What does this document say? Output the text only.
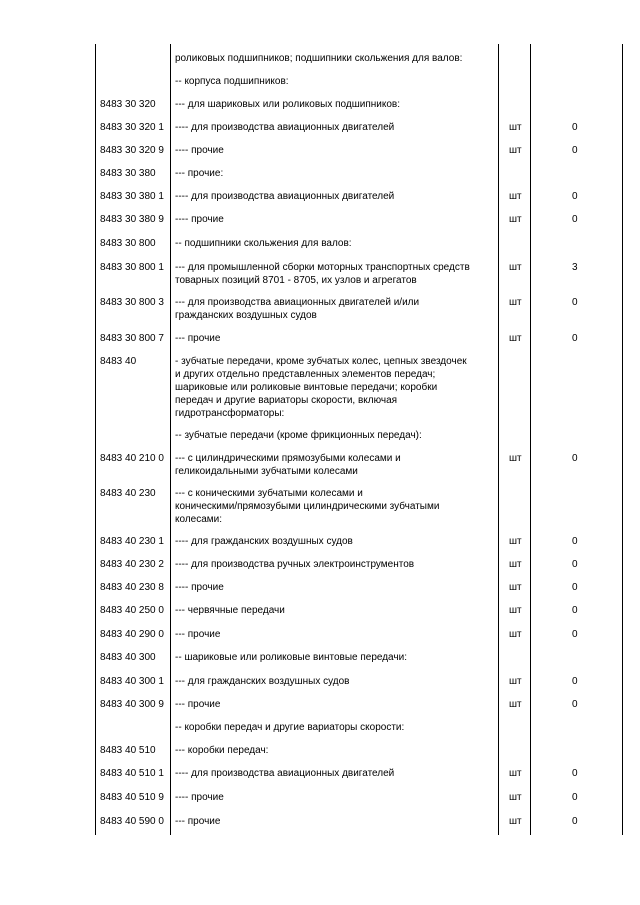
роликовых подшипников; подшипники скольжения для валов:
-- корпуса подшипников:
8483 30 320 --- для шариковых или роликовых подшипников:
8483 30 320 1 ---- для производства авиационных двигателей	шт	0
8483 30 320 9 ---- прочие	шт	0
8483 30 380 --- прочие:
8483 30 380 1 ---- для производства авиационных двигателей	шт	0
8483 30 380 9 ---- прочие	шт	0
8483 30 800 -- подшипники скольжения для валов:
8483 30 800 1 --- для промышленной сборки моторных транспортных средств
товарных позиций 8701 - 8705, их узлов и агрегатов
шт	3
8483 30 800 3 --- для производства авиационных двигателей и/или
гражданских воздушных судов
шт	0
8483 30 800 7 --- прочие	шт	0
8483 40	- зубчатые передачи, кроме зубчатых колес, цепных звездочек
и других отдельно представленных элементов передач;
шариковые или роликовые винтовые передачи; коробки
передач и другие вариаторы скорости, включая
гидротрансформаторы:
-- зубчатые передачи (кроме фрикционных передач):
8483 40 210 0 --- с цилиндрическими прямозубыми колесами и
геликоидальными зубчатыми колесами
шт	0
8483 40 230 --- с коническими зубчатыми колесами и
коническими/прямозубыми цилиндрическими зубчатыми
колесами:
8483 40 230 1 ---- для гражданских воздушных судов	шт	0
8483 40 230 2 ---- для производства ручных электроинструментов	шт	0
8483 40 230 8 ---- прочие	шт	0
8483 40 250 0 --- червячные передачи	шт	0
8483 40 290 0 --- прочие	шт	0
8483 40 300 -- шариковые или роликовые винтовые передачи:
8483 40 300 1 --- для гражданских воздушных судов	шт	0
8483 40 300 9 --- прочие	шт	0
-- коробки передач и другие вариаторы скорости:
8483 40 510 --- коробки передач:
8483 40 510 1 ---- для производства авиационных двигателей	шт	0
8483 40 510 9 ---- прочие	шт	0
8483 40 590 0 --- прочие	шт	0
